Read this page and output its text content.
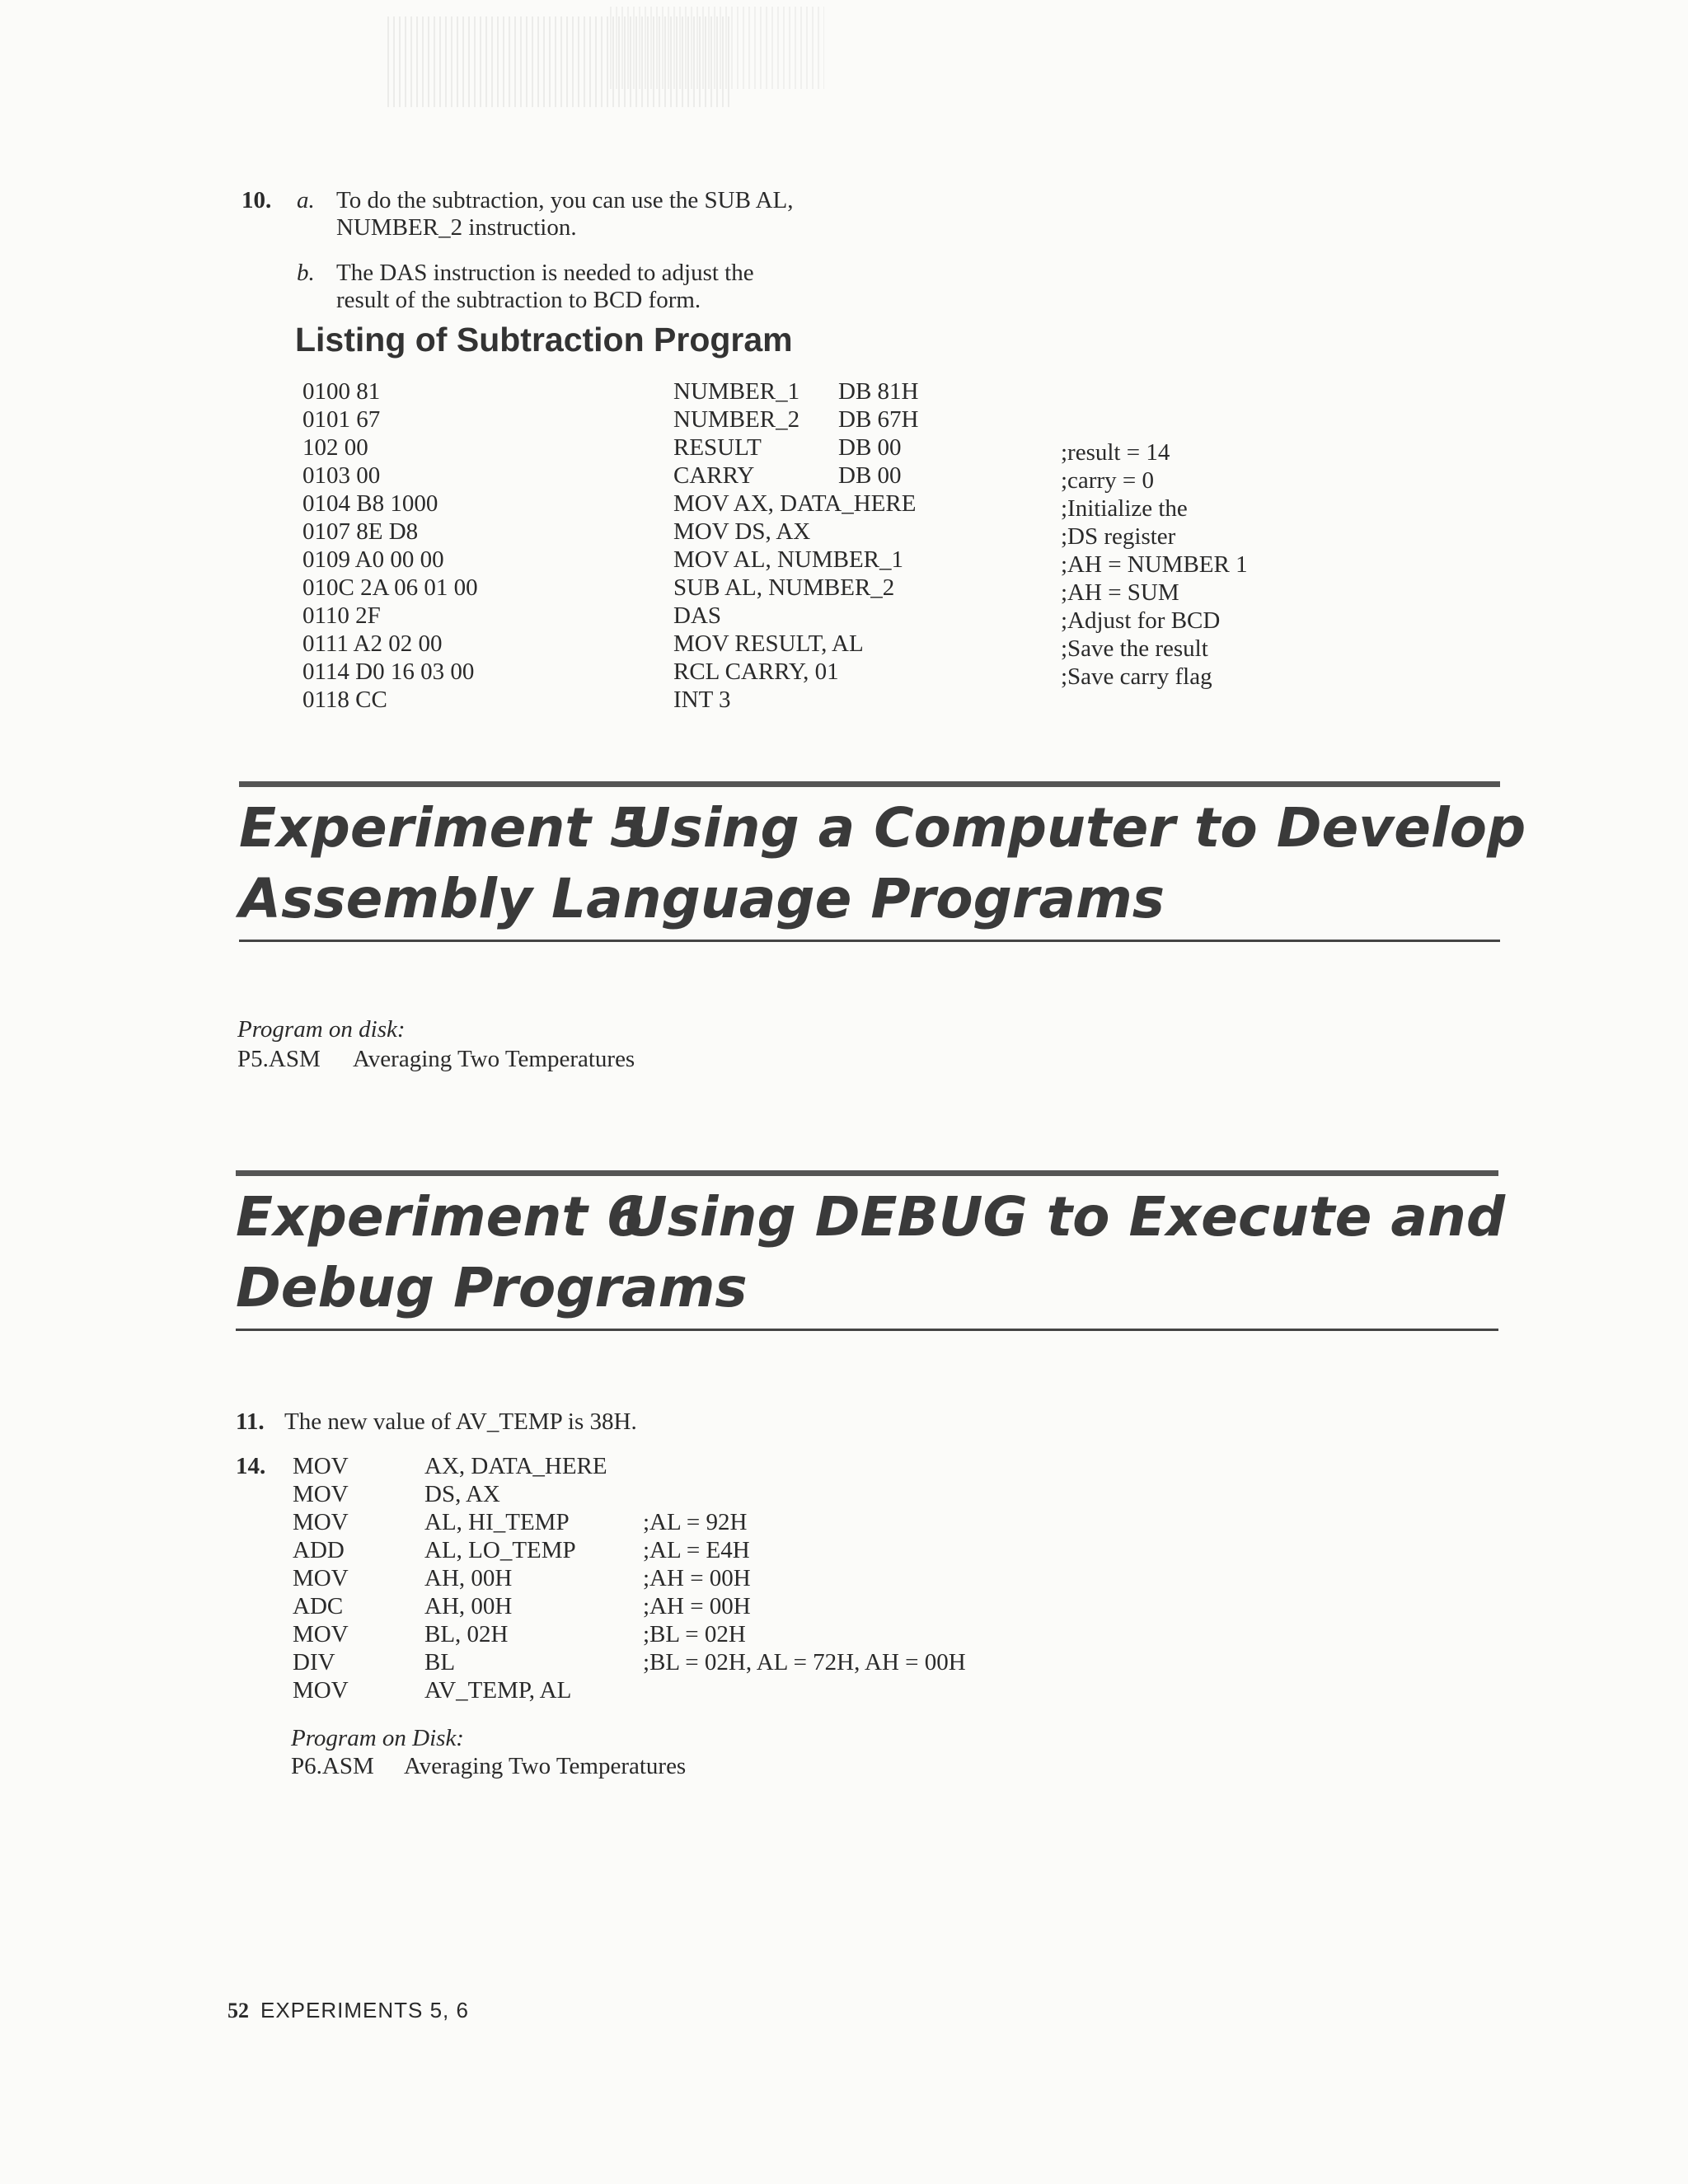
10. a. To do the subtraction, you can use the SUB AL,
NUMBER_2 instruction.
b. The DAS instruction is needed to adjust the
result of the subtraction to BCD form.
Listing of Subtraction Program
0100 81	NUMBER_1 DB 81H
0101 67	NUMBER_2 DB 67H
102 00	RESULT	DB 00	;result = 14
0103 00	CARRY	DB 00	;carry = 0
0104 B8 1000	MOV AX, DATA_HERE	;Initialize the
0107 8E D8	MOV DS, AX	;DS register
0109 A0 00 00	MOV AL, NUMBER_1	;AH = NUMBER 1
010C 2A 06 01 00	SUB AL, NUMBER_2	;AH = SUM
0110 2F	DAS	;Adjust for BCD
0111 A2 02 00	MOV RESULT, AL	;Save the result
0114 D0 16 03 00	RCL CARRY, 01	;Save carry flag
0118 CC	INT 3
Experiment 5
Using a Computer to Develop
Assembly Language Programs
Program on disk:
P5.ASM Averaging Two Temperatures
Experiment 6
Using DEBUG to Execute and
Debug Programs
11. The new value of AV_TEMP is 38H.
14. MOV	AX, DATA_HERE
MOV	DS, AX
MOV	AL, HI_TEMP	;AL = 92H
ADD	AL, LO_TEMP	;AL = E4H
MOV	AH, 00H	;AH = 00H
ADC	AH, 00H	;AH = 00H
MOV	BL, 02H	;BL = 02H
DIV	BL	;BL = 02H, AL = 72H, AH = 00H
MOV	AV_TEMP, AL
Program on Disk:
P6.ASM Averaging Two Temperatures
52 EXPERIMENTS 5, 6
